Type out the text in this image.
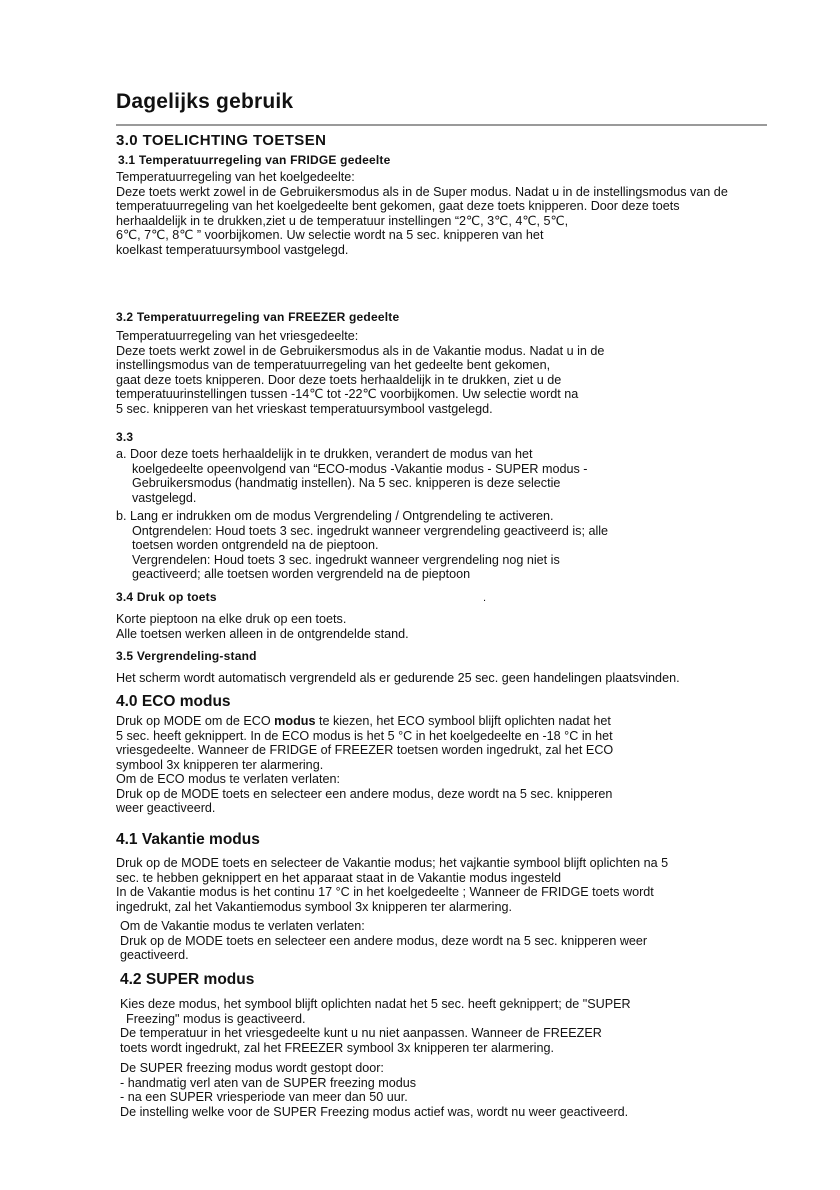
Dagelijks gebruik
3.0 TOELICHTING TOETSEN
3.1 Temperatuurregeling van FRIDGE gedeelte
Temperatuurregeling van het koelgedeelte:
Deze toets werkt zowel in de Gebruikersmodus als in de Super modus. Nadat u in de instellingsmodus van de
temperatuurregeling van het koelgedeelte bent gekomen, gaat deze toets knipperen. Door deze toets
herhaaldelijk in te drukken,ziet u de temperatuur instellingen “2℃, 3℃, 4℃, 5℃,
6℃, 7℃, 8℃ ” voorbijkomen. Uw selectie wordt na 5 sec. knipperen van het
koelkast temperatuursymbool vastgelegd.
3.2 Temperatuurregeling van FREEZER gedeelte
Temperatuurregeling van het vriesgedeelte:
Deze toets werkt zowel in de Gebruikersmodus als in de Vakantie modus. Nadat u in de
instellingsmodus van de temperatuurregeling van het gedeelte bent gekomen,
gaat deze toets knipperen. Door deze toets herhaaldelijk in te drukken, ziet u de
temperatuurinstellingen tussen -14℃ tot -22℃ voorbijkomen. Uw selectie wordt na
5 sec. knipperen van het vrieskast temperatuursymbool vastgelegd.
3.3
a. Door deze toets herhaaldelijk in te drukken, verandert de modus van het
koelgedeelte opeenvolgend van “ECO-modus -Vakantie modus - SUPER modus -
Gebruikersmodus (handmatig instellen). Na 5 sec. knipperen is deze selectie
vastgelegd.
b. Lang er indrukken om de modus Vergrendeling / Ontgrendeling te activeren.
Ontgrendelen: Houd toets 3 sec. ingedrukt wanneer vergrendeling geactiveerd is; alle
toetsen worden ontgrendeld na de pieptoon.
Vergrendelen: Houd toets 3 sec. ingedrukt wanneer vergrendeling nog niet is
geactiveerd; alle toetsen worden vergrendeld na de pieptoon
3.4 Druk op toets	.
Korte pieptoon na elke druk op een toets.
Alle toetsen werken alleen in de ontgrendelde stand.
3.5 Vergrendeling-stand
Het scherm wordt automatisch vergrendeld als er gedurende 25 sec. geen handelingen plaatsvinden.
4.0 ECO modus
Druk op MODE om de ECO modus te kiezen, het ECO symbool blijft oplichten nadat het
5 sec. heeft geknippert. In de ECO modus is het 5 °C in het koelgedeelte en -18 °C in het
vriesgedeelte. Wanneer de FRIDGE of FREEZER toetsen worden ingedrukt, zal het ECO
symbool 3x knipperen ter alarmering.
Om de ECO modus te verlaten verlaten:
Druk op de MODE toets en selecteer een andere modus, deze wordt na 5 sec. knipperen
weer geactiveerd.
4.1 Vakantie modus
Druk op de MODE toets en selecteer de Vakantie modus; het vajkantie symbool blijft oplichten na 5
sec. te hebben geknippert en het apparaat staat in de Vakantie modus ingesteld
In de Vakantie modus is het continu 17 °C in het koelgedeelte ; Wanneer de FRIDGE toets wordt
ingedrukt, zal het Vakantiemodus symbool 3x knipperen ter alarmering.
Om de Vakantie modus te verlaten verlaten:
Druk op de MODE toets en selecteer een andere modus, deze wordt na 5 sec. knipperen weer
geactiveerd.
4.2 SUPER modus
Kies deze modus, het symbool blijft oplichten nadat het 5 sec. heeft geknippert; de "SUPER
Freezing" modus is geactiveerd.
De temperatuur in het vriesgedeelte kunt u nu niet aanpassen. Wanneer de FREEZER
toets wordt ingedrukt, zal het FREEZER symbool 3x knipperen ter alarmering.
De SUPER freezing modus wordt gestopt door:
- handmatig verl aten van de SUPER freezing modus
- na een SUPER vriesperiode van meer dan 50 uur.
De instelling welke voor de SUPER Freezing modus actief was, wordt nu weer geactiveerd.
